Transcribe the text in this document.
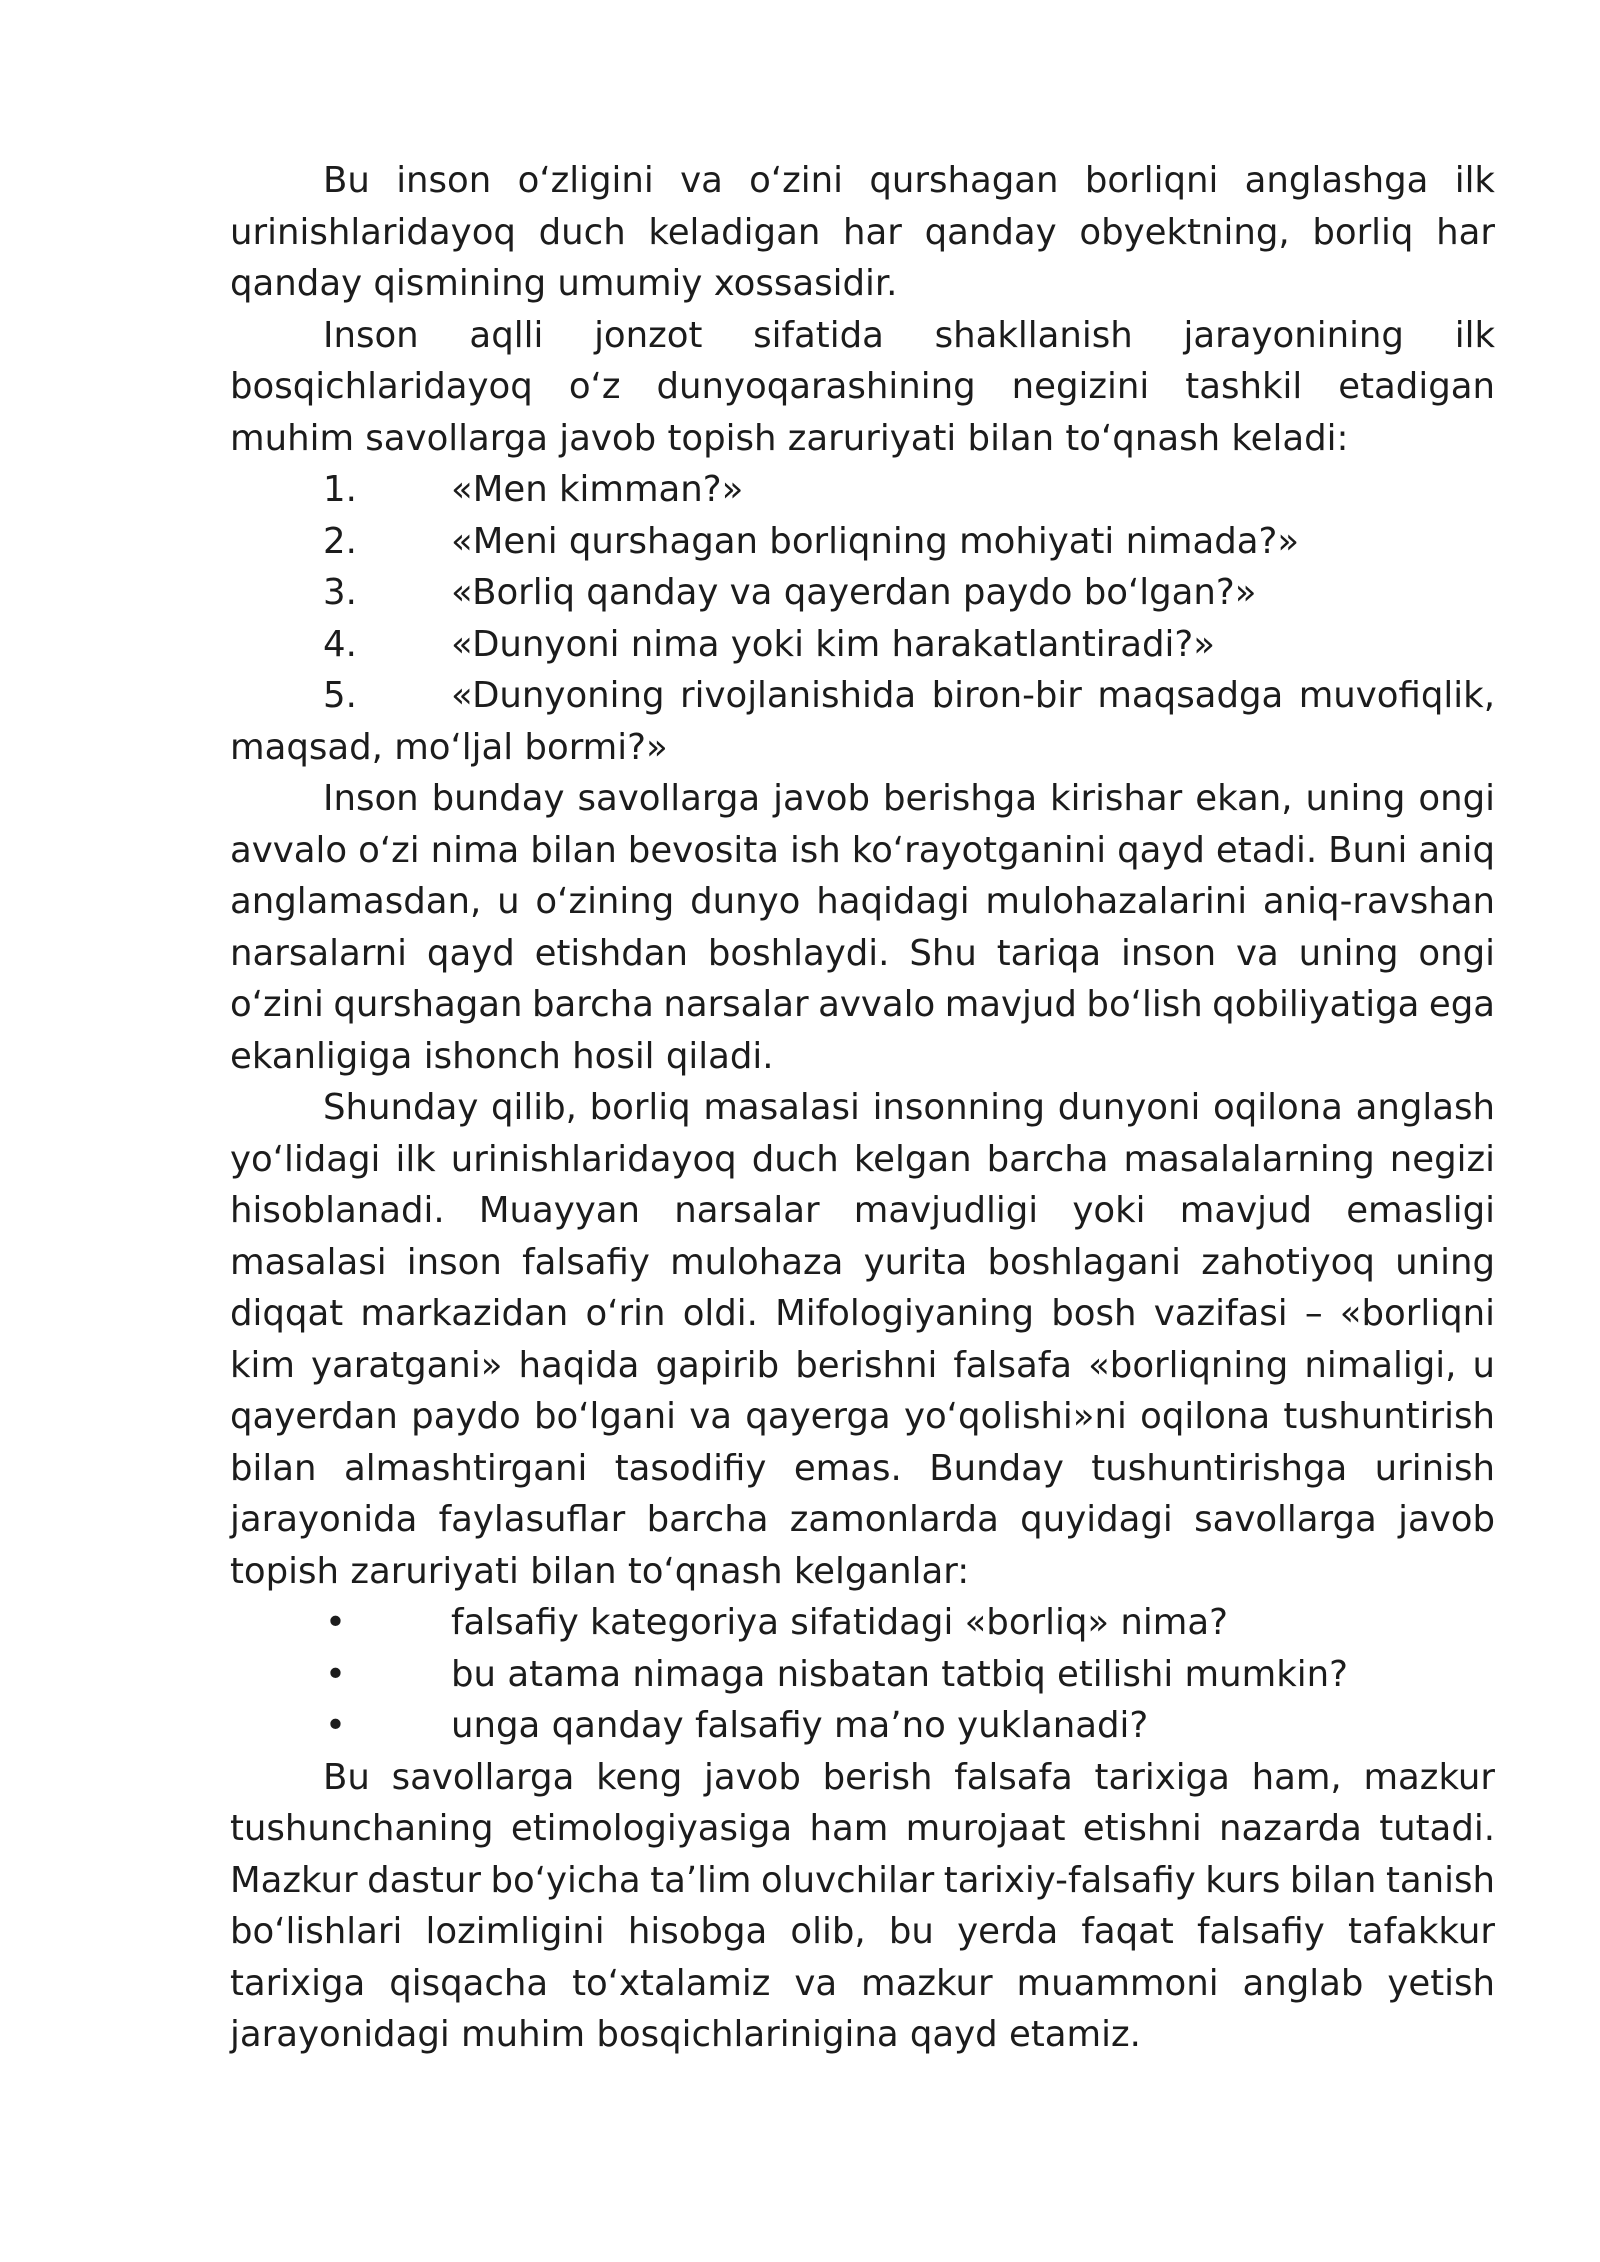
Bu inson o‘zligini va o‘zini qurshagan borliqni anglashga ilk
urinishlaridayoq duch keladigan har qanday obyektning, borliq har
qanday qismining umumiy xossasidir.
Inson aqlli jonzot sifatida shakllanish jarayonining ilk
bosqichlaridayoq o‘z dunyoqarashining negizini tashkil etadigan
muhim savollarga javob topish zaruriyati bilan to‘qnash keladi:
1.	«Men kimman?»
2.	«Meni qurshagan borliqning mohiyati nimada?»
3.	«Borliq qanday va qayerdan paydo bo‘lgan?»
4.	«Dunyoni nima yoki kim harakatlantiradi?»
5.	«Dunyoning rivojlanishida biron-bir maqsadga muvofiqlik,
maqsad, mo‘ljal bormi?»
Inson bunday savollarga javob berishga kirishar ekan, uning ongi
avvalo o‘zi nima bilan bevosita ish ko‘rayotganini qayd etadi. Buni aniq
anglamasdan, u o‘zining dunyo haqidagi mulohazalarini aniq-ravshan
narsalarni qayd etishdan boshlaydi. Shu tariqa inson va uning ongi
o‘zini qurshagan barcha narsalar avvalo mavjud bo‘lish qobiliyatiga ega
ekanligiga ishonch hosil qiladi.
Shunday qilib, borliq masalasi insonning dunyoni oqilona anglash
yo‘lidagi ilk urinishlaridayoq duch kelgan barcha masalalarning negizi
hisoblanadi. Muayyan narsalar mavjudligi yoki mavjud emasligi
masalasi inson falsafiy mulohaza yurita boshlagani zahotiyoq uning
diqqat markazidan o‘rin oldi. Mifologiyaning bosh vazifasi – «borliqni
kim yaratgani» haqida gapirib berishni falsafa «borliqning nimaligi, u
qayerdan paydo bo‘lgani va qayerga yo‘qolishi»ni oqilona tushuntirish
bilan almashtirgani tasodifiy emas. Bunday tushuntirishga urinish
jarayonida faylasuflar barcha zamonlarda quyidagi savollarga javob
topish zaruriyati bilan to‘qnash kelganlar:
•	falsafiy kategoriya sifatidagi «borliq» nima?
•	bu atama nimaga nisbatan tatbiq etilishi mumkin?
•	unga qanday falsafiy ma’no yuklanadi?
Bu savollarga keng javob berish falsafa tarixiga ham, mazkur
tushunchaning etimologiyasiga ham murojaat etishni nazarda tutadi.
Mazkur dastur bo‘yicha ta’lim oluvchilar tarixiy-falsafiy kurs bilan tanish
bo‘lishlari lozimligini hisobga olib, bu yerda faqat falsafiy tafakkur
tarixiga qisqacha to‘xtalamiz va mazkur muammoni anglab yetish
jarayonidagi muhim bosqichlarinigina qayd etamiz.
